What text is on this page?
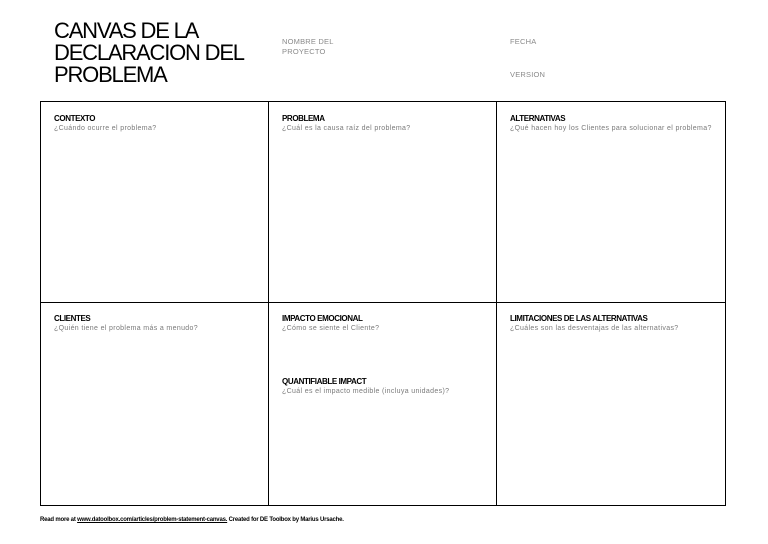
CANVAS DE LA
DECLARACION DEL
PROBLEMA
NOMBRE DEL
PROYECTO
FECHA
VERSION
CONTEXTO
¿Cuándo ocurre el problema?
PROBLEMA
¿Cuál es la causa raíz del problema?
ALTERNATIVAS
¿Qué hacen hoy los Clientes para solucionar el problema?
CLIENTES
¿Quién tiene el problema más a menudo?
IMPACTO EMOCIONAL
¿Cómo se siente el Cliente?
QUANTIFIABLE IMPACT
¿Cuál es el impacto medible (incluya unidades)?
LIMITACIONES DE LAS ALTERNATIVAS
¿Cuáles son las desventajas de las alternativas?
Read more at www.datoolbox.com/articles/problem-statement-canvas. Created for DE Toolbox by Marius Ursache.
